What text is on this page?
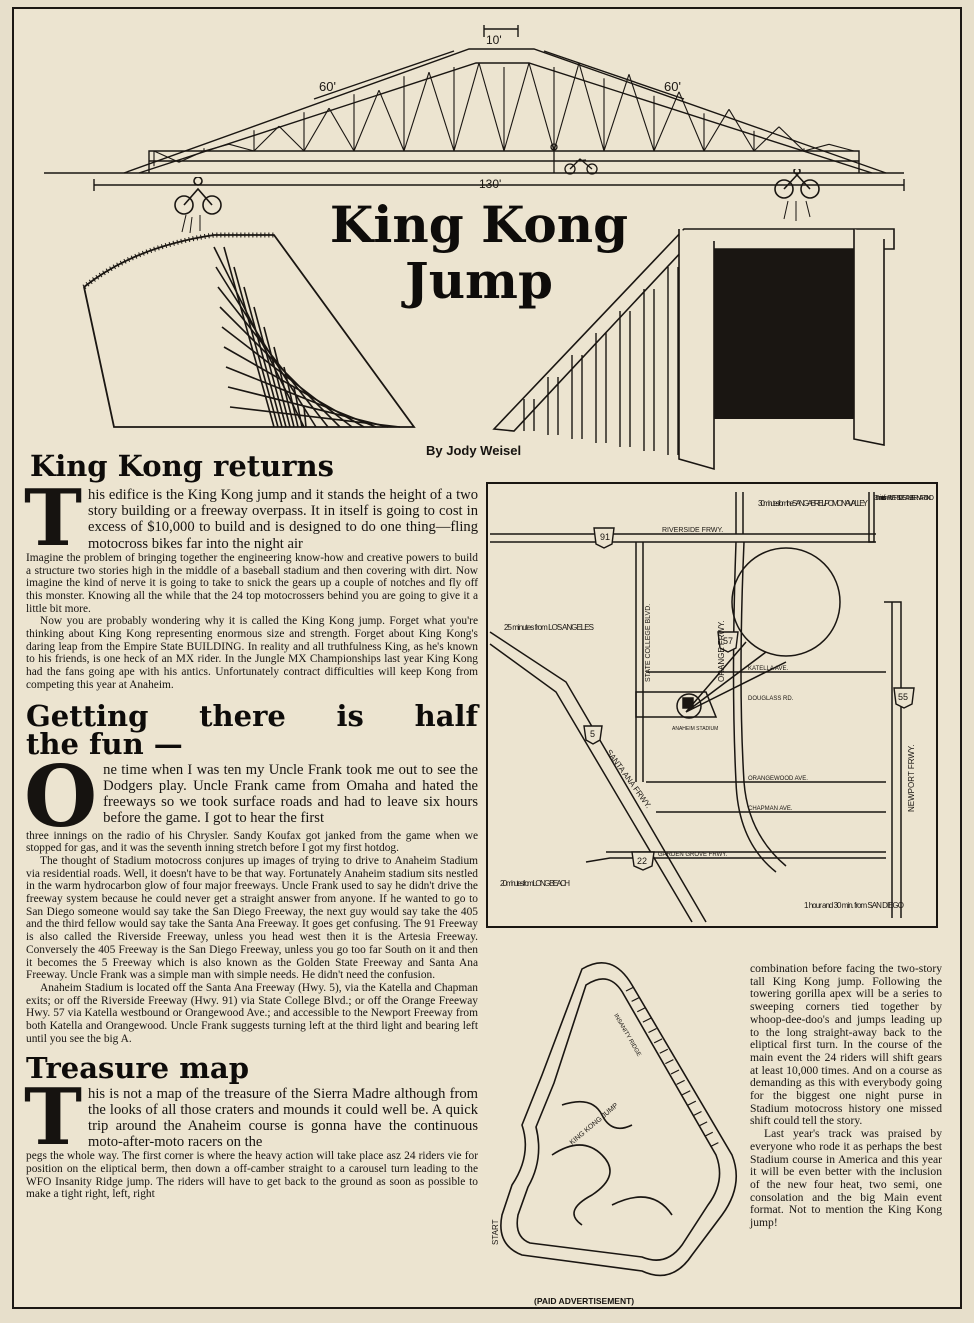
10'
60'	60'
130'
King Kong
Jump
By Jody Weisel
King Kong returns
T his edifice is the King Kong jump and it stands the height of a two story building or a freeway overpass. It in itself is going to cost in excess of $10,000 to build and is designed to do one thing—fling motocross bikes far into the night air

Imagine the problem of bringing together the engineering know-how and creative powers to build a structure two stories high in the middle of a baseball stadium and then covering with dirt. Now imagine the kind of nerve it is going to take to snick the gears up a couple of notches and fly off this monster. Knowing all the while that the 24 top motocrossers behind you are going to give it a little bit more.

Now you are probably wondering why it is called the King Kong jump. Forget what you're thinking about King Kong representing enormous size and strength. Forget about King Kong's daring leap from the Empire State BUILDING. In reality and all truthfulness King, as he's known to his friends, is one heck of an MX rider. In the Jungle MX Championships last year King Kong had the fans going ape with his antics. Unfortunately contract difficulties will keep Kong from competing this year at Anaheim.

Getting there is half
the fun —
O ne time when I was ten my Uncle Frank took me out to see the Dodgers play. Uncle Frank came from Omaha and hated the freeways so we took surface roads and had to leave six hours before the game. I got to hear the first

three innings on the radio of his Chrysler. Sandy Koufax got janked from the game when we stopped for gas, and it was the seventh inning stretch before I got my first hotdog.

The thought of Stadium motocross conjures up images of trying to drive to Anaheim Stadium via residential roads. Well, it doesn't have to be that way. Fortunately Anaheim stadium sits nestled in the warm hydrocarbon glow of four major freeways. Uncle Frank used to say he didn't drive the freeway system because he could never get a straight answer from anyone. If he wanted to go to San Diego someone would say take the San Diego Freeway, the next guy would say take the 405 and the third fellow would say take the Santa Ana Freeway. It goes get confusing. The 91 Freeway is also called the Riverside Freeway, unless you head west then it is the Artesia Freeway. Conversely the 405 Freeway is the San Diego Freeway, unless you go too far South on it and then it becomes the 5 Freeway which is also known as the Golden State Freeway and Santa Ana Freeway. Uncle Frank was a simple man with simple needs. He didn't need the confusion.

Anaheim Stadium is located off the Santa Ana Freeway (Hwy. 5), via the Katella and Chapman exits; or off the Riverside Freeway (Hwy. 91) via State College Blvd.; or off the Orange Freeway Hwy. 57 via Katella westbound or Orangewood Ave.; and accessible to the Newport Freeway from both Katella and Orangewood. Uncle Frank suggests turning left at the third light and bearing left until you see the big A.

Treasure map
T his is not a map of the treasure of the Sierra Madre although from the looks of all those craters and mounds it could well be. A quick trip around the Anaheim course is gonna have the continuous moto-after-moto racers on the

pegs the whole way. The first corner is where the heavy action will take place asz 24 riders vie for position on the eliptical berm, then down a off-camber straight to a carousel turn leading to the WFO Insanity Ridge jump. The riders will have to get back to the ground as soon as possible to make a tight right, left, right

91
57
55
5
22
RIVERSIDE FRWY.
30 minutes from the SAN GABRIEL/POMONA VALLEY
30 minutes from RIVERSIDE SAN BERNARDINO
25 minutes from LOS ANGELES
20 minutes from LONG BEACH
1 hour and 30 min. from SAN DIEGO
STATE COLLEGE BLVD.	ORANGE FRWY.
SANTA ANA FRWY.	NEWPORT FRWY.
KATELLA AVE.
DOUGLASS RD.
ORANGEWOOD AVE.
CHAPMAN AVE.
GARDEN GROVE FRWY.
ANAHEIM STADIUM
KING KONG JUMP
INSANITY RIDGE
START

combination before facing the two-story tall King Kong jump. Following the towering gorilla apex will be a series to sweeping corners tied together by whoop-dee-doo's and jumps leading up to the long straight-away back to the eliptical first turn. In the course of the main event the 24 riders will shift gears at least 10,000 times. And on a course as demanding as this with everybody going for the biggest one night purse in Stadium motocross history one missed shift could tell the story.

Last year's track was praised by everyone who rode it as perhaps the best Stadium course in America and this year it will be even better with the inclusion of the new four heat, two semi, one consolation and the big Main event format. Not to mention the King Kong jump!

(PAID ADVERTISEMENT)
